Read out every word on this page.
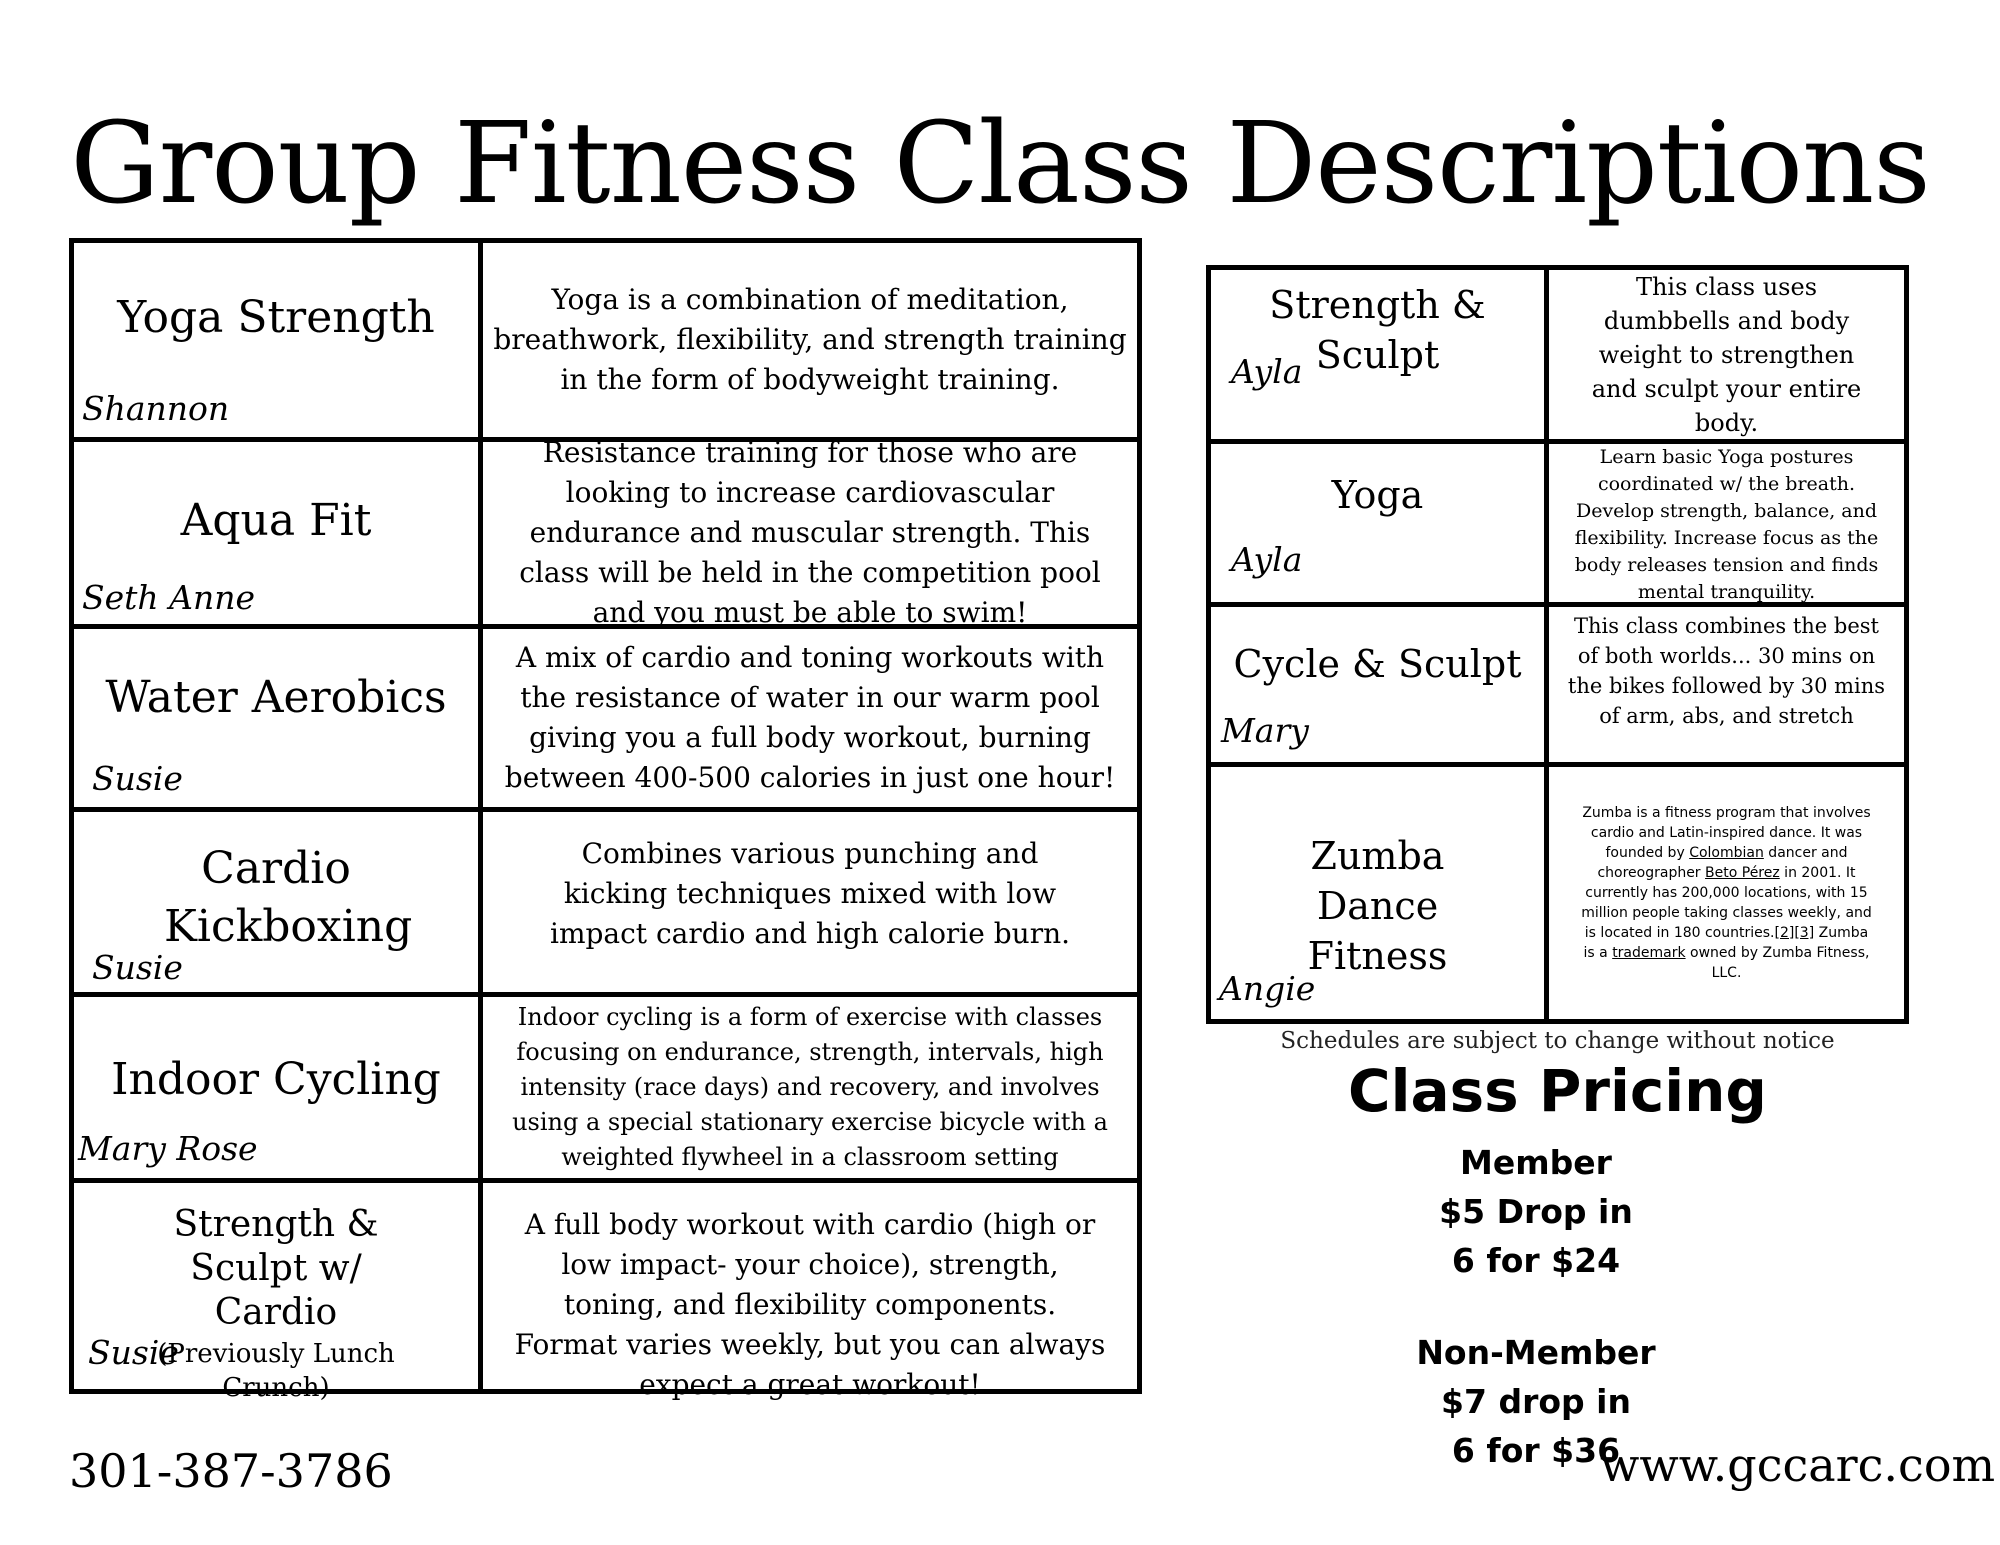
Group Fitness Class Descriptions
Yoga Strength
Shannon
Yoga is a combination of meditation, breathwork, flexibility, and strength training in the form of bodyweight training.
Aqua Fit
Seth Anne
Resistance training for those who are looking to increase cardiovascular endurance and muscular strength. This class will be held in the competition pool and you must be able to swim!
Water Aerobics
Susie
A mix of cardio and toning workouts with the resistance of water in our warm pool giving you a full body workout, burning between 400-500 calories in just one hour!
Cardio Kickboxing
Susie
Combines various punching and kicking techniques mixed with low impact cardio and high calorie burn.
Indoor Cycling
Mary Rose
Indoor cycling is a form of exercise with classes focusing on endurance, strength, intervals, high intensity (race days) and recovery, and involves using a special stationary exercise bicycle with a weighted flywheel in a classroom setting
Strength & Sculpt w/ Cardio
(Previously Lunch Crunch)
Susie
A full body workout with cardio (high or low impact- your choice), strength, toning, and flexibility components. Format varies weekly, but you can always expect a great workout!
Strength & Sculpt
Ayla
This class uses dumbbells and body weight to strengthen and sculpt your entire body.
Yoga
Ayla
Learn basic Yoga postures coordinated w/ the breath. Develop strength, balance, and flexibility. Increase focus as the body releases tension and finds mental tranquility.
Cycle & Sculpt
Mary
This class combines the best of both worlds... 30 mins on the bikes followed by 30 mins of arm, abs, and stretch
Zumba Dance Fitness
Angie
Zumba is a fitness program that involves cardio and Latin-inspired dance. It was founded by Colombian dancer and choreographer Beto Pérez in 2001. It currently has 200,000 locations, with 15 million people taking classes weekly, and is located in 180 countries.[2][3] Zumba is a trademark owned by Zumba Fitness, LLC.
Schedules are subject to change without notice
Class Pricing
Member
$5 Drop in
6 for $24
Non-Member
$7 drop in
6 for $36
301-387-3786	www.gccarc.com
